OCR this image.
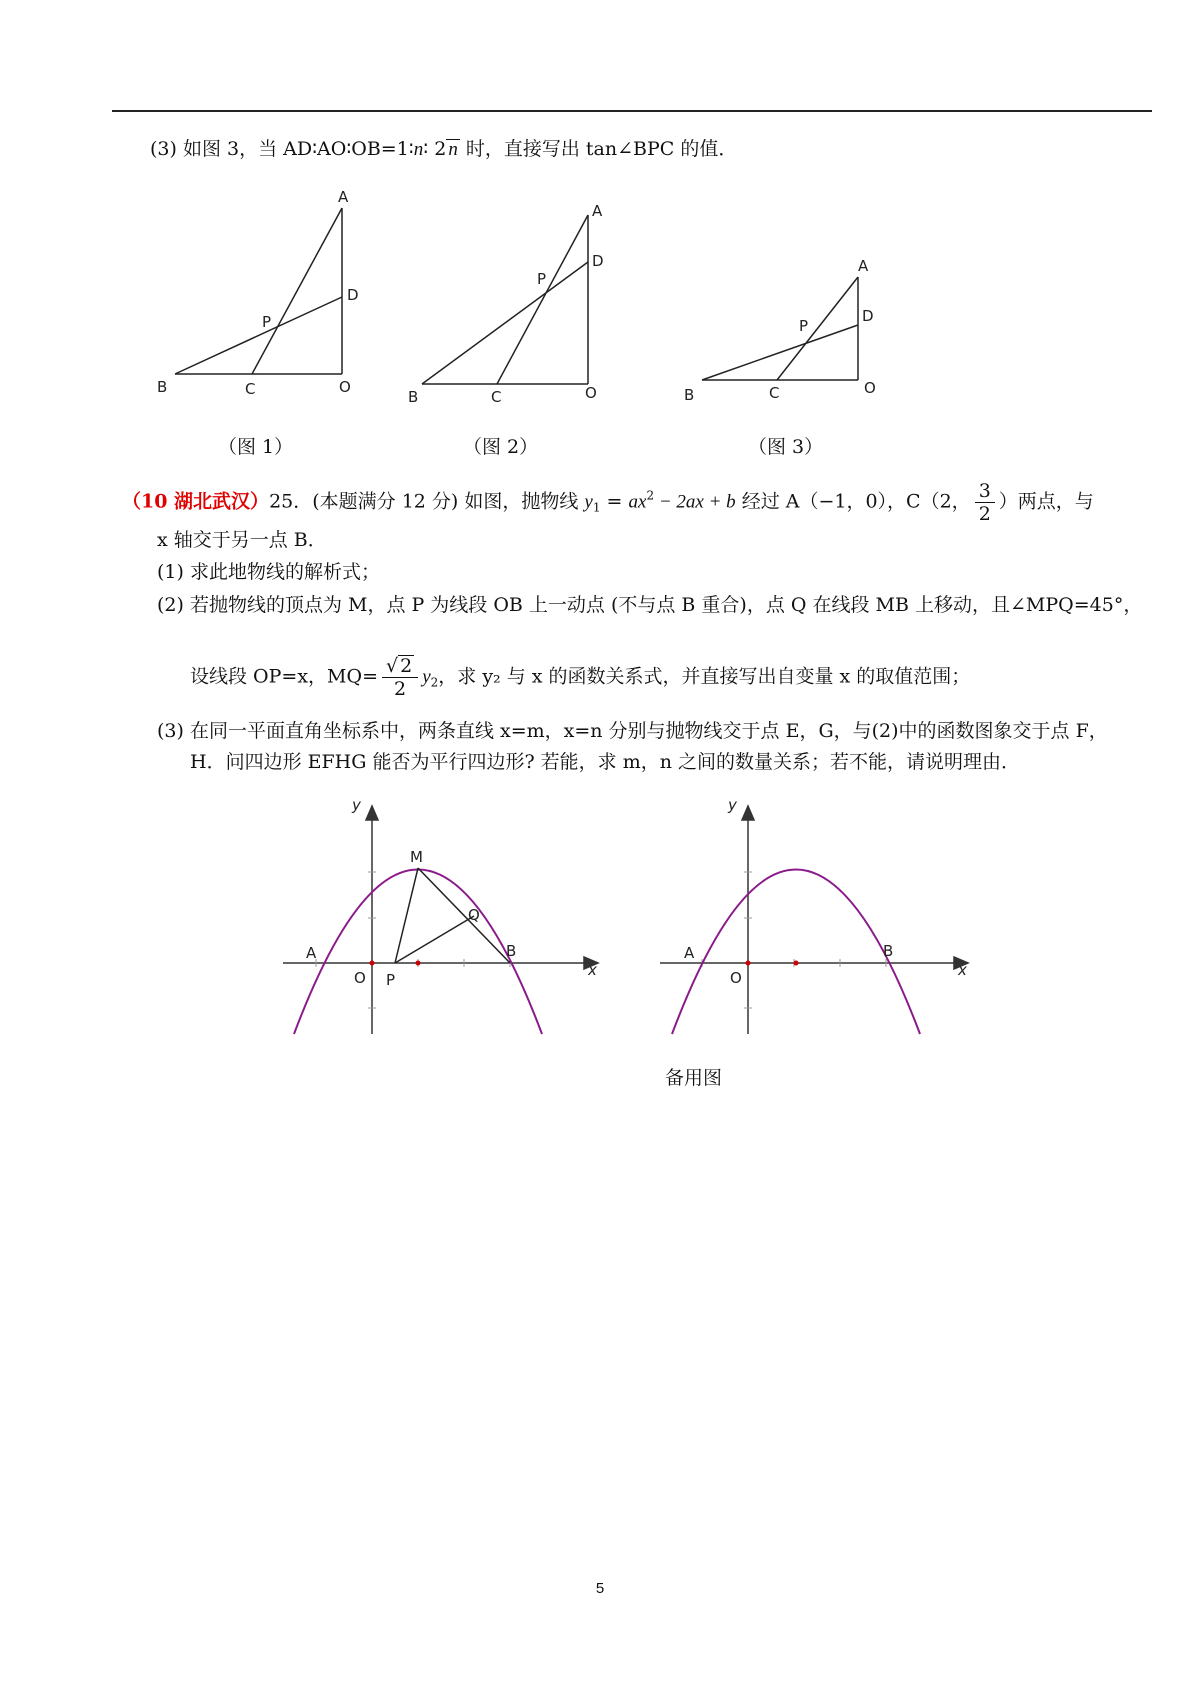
(3) 如图 3，当 AD∶AO∶OB=1∶n∶ 2 n 时，直接写出 tan∠BPC 的值．
A
D
P
B	C	O
A
D
P
B	C	O
A
D
P
B	C	O
（图 1）	（图 2）	（图 3）
（10 湖北武汉）25．(本题满分 12 分) 如图，抛物线 $y_1 = ax^2 - 2ax + b$ 经过 A（−1，0），C（2， $\frac{3}{2}$ ）两点，与
x 轴交于另一点 B．
(1) 求此地物线的解析式；
(2) 若抛物线的顶点为 M，点 P 为线段 OB 上一动点 (不与点 B 重合)，点 Q 在线段 MB 上移动，且∠MPQ=45°，
设线段 OP=x，$MQ= \frac{√ 2}{2} y_2$，求 y₂ 与 x 的函数关系式，并直接写出自变量 x 的取值范围；
(3) 在同一平面直角坐标系中，两条直线 x=m，x=n 分别与抛物线交于点 E，G，与(2)中的函数图象交于点 F，
H．问四边形 EFHG 能否为平行四边形? 若能，求 m，n 之间的数量关系；若不能，请说明理由．
y
x
M
Q
A	B
O P
y
x
A	B
O
备用图
5
